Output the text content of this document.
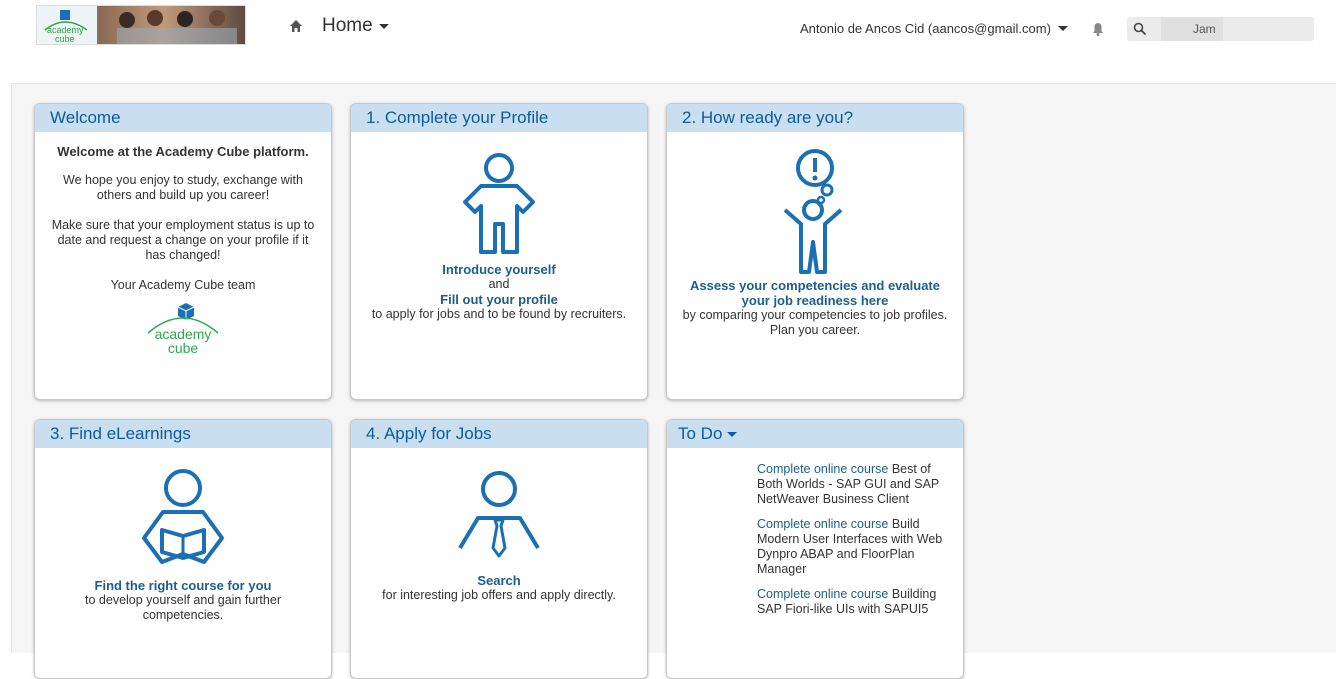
academy
cube
Home	Antonio de Ancos Cid (aancos@gmail.com)
Jam
Welcome
Welcome at the Academy Cube platform.
We hope you enjoy to study, exchange with others and build up you career!
Make sure that your employment status is up to date and request a change on your profile if it has changed!
Your Academy Cube team
academy
cube
1. Complete your Profile
Introduce yourself
and
Fill out your profile
to apply for jobs and to be found by recruiters.
2. How ready are you?
Assess your competencies and evaluate your job readiness here
by comparing your competencies to job profiles. Plan you career.
3. Find eLearnings
Find the right course for you
to develop yourself and gain further competencies.
4. Apply for Jobs
Search
for interesting job offers and apply directly.
To Do
Complete online course Best of Both Worlds - SAP GUI and SAP NetWeaver Business Client
Complete online course Build Modern User Interfaces with Web Dynpro ABAP and FloorPlan Manager
Complete online course Building SAP Fiori-like UIs with SAPUI5
